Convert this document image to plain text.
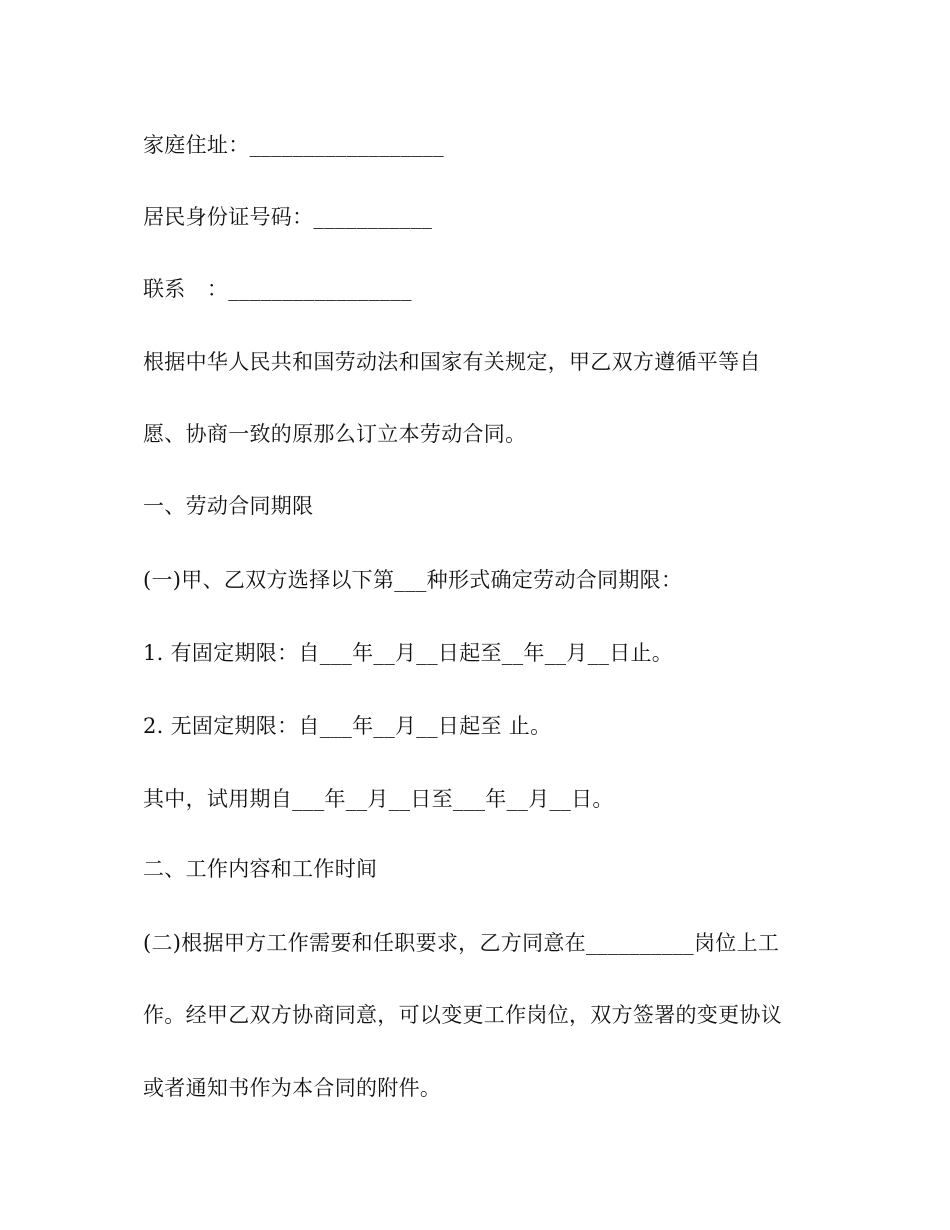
家庭住址：__________________
居民身份证号码：___________
联系　：_________________
根据中华人民共和国劳动法和国家有关规定，甲乙双方遵循平等自
愿、协商一致的原那么订立本劳动合同。
一、劳动合同期限
(一)甲、乙双方选择以下第___种形式确定劳动合同期限：
1. 有固定期限：自___年__月__日起至__年__月__日止。
2. 无固定期限：自___年__月__日起至 止。
其中，试用期自___年__月__日至___年__月__日。
二、工作内容和工作时间
(二)根据甲方工作需要和任职要求，乙方同意在__________岗位上工
作。经甲乙双方协商同意，可以变更工作岗位，双方签署的变更协议
或者通知书作为本合同的附件。
